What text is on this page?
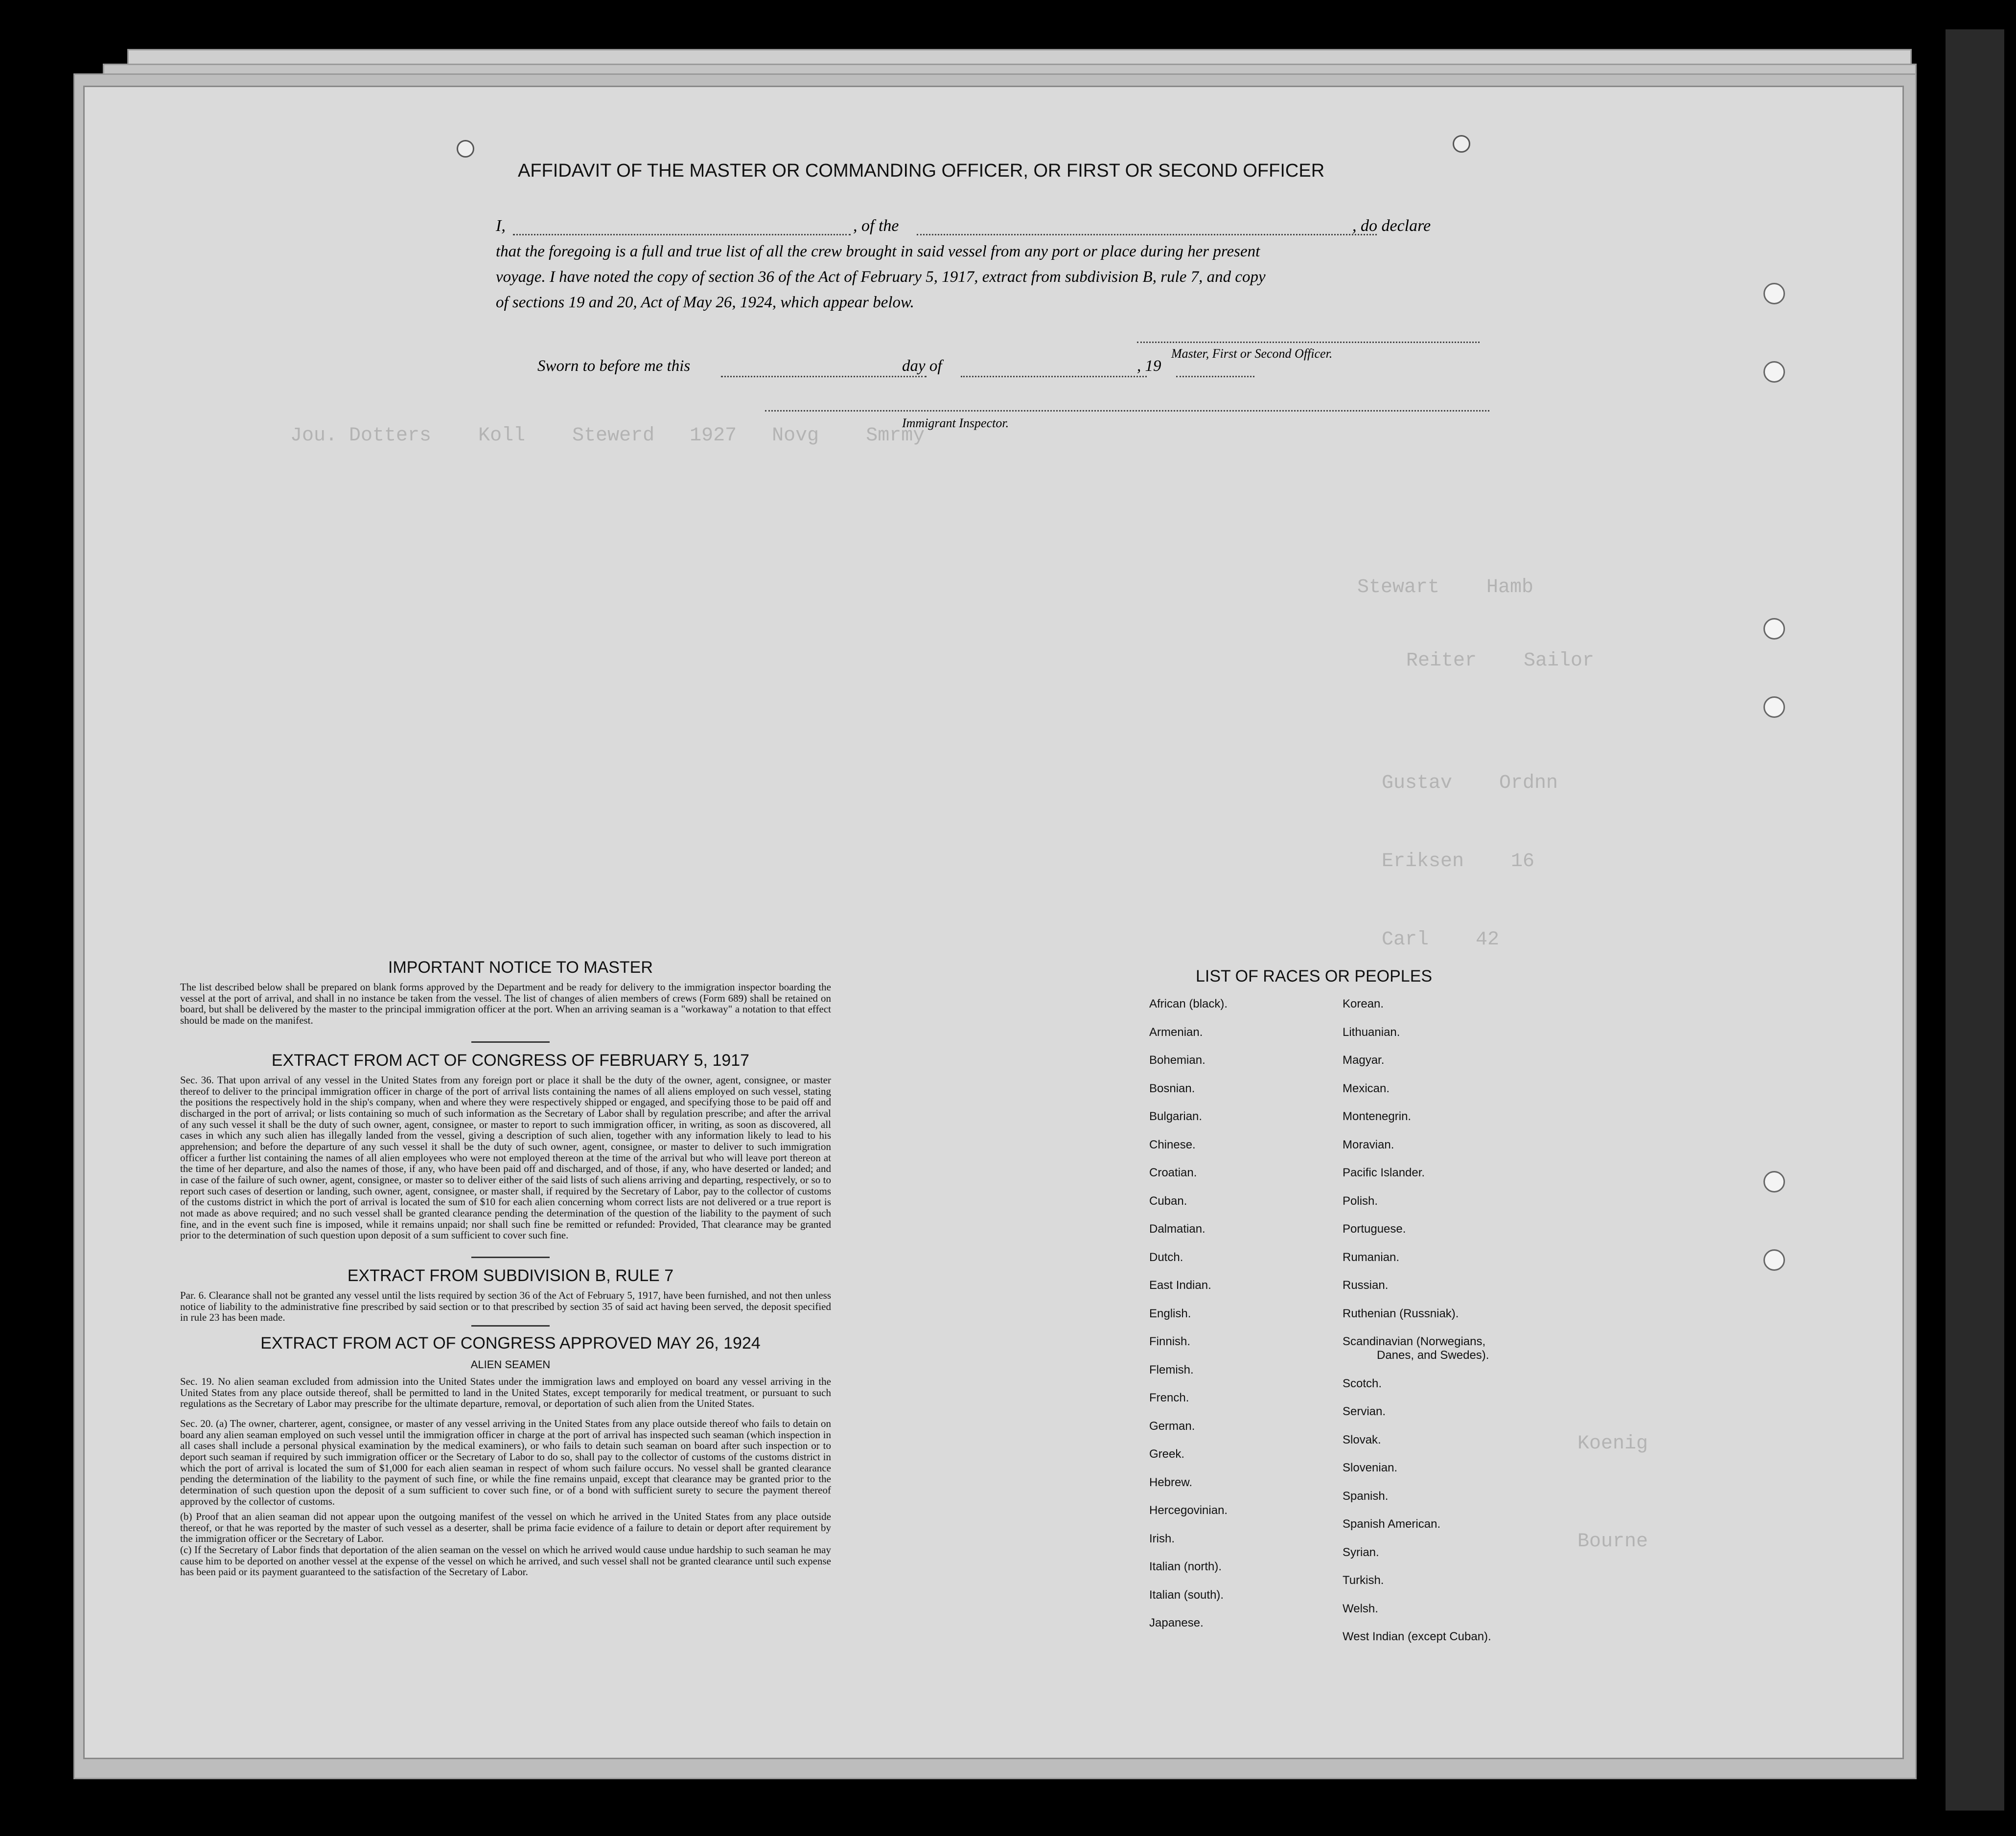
Jou. Dotters    Koll    Stewerd   1927   Novg    Smrmy
Stewart    Hamb
Reiter    Sailor
Gustav    Ordnn
Eriksen    16
Carl    42
Koenig
Bourne
AFFIDAVIT OF THE MASTER OR COMMANDING OFFICER, OR FIRST OR SECOND OFFICER
I,	, of the	, do declare
that the foregoing is a full and true list of all the crew brought in said vessel from any port or place during her present
voyage. I have noted the copy of section 36 of the Act of February 5, 1917, extract from subdivision B, rule 7, and copy
of sections 19 and 20, Act of May 26, 1924, which appear below.
Master, First or Second Officer.
Sworn to before me this	day of	, 19
Immigrant Inspector.
IMPORTANT NOTICE TO MASTER
The list described below shall be prepared on blank forms approved by the Department and be ready for delivery to the immigration inspector boarding the vessel at the port of arrival, and shall in no instance be taken from the vessel. The list of changes of alien members of crews (Form 689) shall be retained on board, but shall be delivered by the master to the principal immigration officer at the port. When an arriving seaman is a "workaway" a notation to that effect should be made on the manifest.
EXTRACT FROM ACT OF CONGRESS OF FEBRUARY 5, 1917
Sec. 36. That upon arrival of any vessel in the United States from any foreign port or place it shall be the duty of the owner, agent, consignee, or master thereof to deliver to the principal immigration officer in charge of the port of arrival lists containing the names of all aliens employed on such vessel, stating the positions the respectively hold in the ship's company, when and where they were respectively shipped or engaged, and specifying those to be paid off and discharged in the port of arrival; or lists containing so much of such information as the Secretary of Labor shall by regulation prescribe; and after the arrival of any such vessel it shall be the duty of such owner, agent, consignee, or master to report to such immigration officer, in writing, as soon as discovered, all cases in which any such alien has illegally landed from the vessel, giving a description of such alien, together with any information likely to lead to his apprehension; and before the departure of any such vessel it shall be the duty of such owner, agent, consignee, or master to deliver to such immigration officer a further list containing the names of all alien employees who were not employed thereon at the time of the arrival but who will leave port thereon at the time of her departure, and also the names of those, if any, who have been paid off and discharged, and of those, if any, who have deserted or landed; and in case of the failure of such owner, agent, consignee, or master so to deliver either of the said lists of such aliens arriving and departing, respectively, or so to report such cases of desertion or landing, such owner, agent, consignee, or master shall, if required by the Secretary of Labor, pay to the collector of customs of the customs district in which the port of arrival is located the sum of $10 for each alien concerning whom correct lists are not delivered or a true report is not made as above required; and no such vessel shall be granted clearance pending the determination of the question of the liability to the payment of such fine, and in the event such fine is imposed, while it remains unpaid; nor shall such fine be remitted or refunded: Provided, That clearance may be granted prior to the determination of such question upon deposit of a sum sufficient to cover such fine.
EXTRACT FROM SUBDIVISION B, RULE 7
Par. 6. Clearance shall not be granted any vessel until the lists required by section 36 of the Act of February 5, 1917, have been furnished, and not then unless notice of liability to the administrative fine prescribed by said section or to that prescribed by section 35 of said act having been served, the deposit specified in rule 23 has been made.
EXTRACT FROM ACT OF CONGRESS APPROVED MAY 26, 1924
ALIEN SEAMEN
Sec. 19. No alien seaman excluded from admission into the United States under the immigration laws and employed on board any vessel arriving in the United States from any place outside thereof, shall be permitted to land in the United States, except temporarily for medical treatment, or pursuant to such regulations as the Secretary of Labor may prescribe for the ultimate departure, removal, or deportation of such alien from the United States.
Sec. 20. (a) The owner, charterer, agent, consignee, or master of any vessel arriving in the United States from any place outside thereof who fails to detain on board any alien seaman employed on such vessel until the immigration officer in charge at the port of arrival has inspected such seaman (which inspection in all cases shall include a personal physical examination by the medical examiners), or who fails to detain such seaman on board after such inspection or to deport such seaman if required by such immigration officer or the Secretary of Labor to do so, shall pay to the collector of customs of the customs district in which the port of arrival is located the sum of $1,000 for each alien seaman in respect of whom such failure occurs. No vessel shall be granted clearance pending the determination of the liability to the payment of such fine, or while the fine remains unpaid, except that clearance may be granted prior to the determination of such question upon the deposit of a sum sufficient to cover such fine, or of a bond with sufficient surety to secure the payment thereof approved by the collector of customs.
(b) Proof that an alien seaman did not appear upon the outgoing manifest of the vessel on which he arrived in the United States from any place outside thereof, or that he was reported by the master of such vessel as a deserter, shall be prima facie evidence of a failure to detain or deport after requirement by the immigration officer or the Secretary of Labor.
(c) If the Secretary of Labor finds that deportation of the alien seaman on the vessel on which he arrived would cause undue hardship to such seaman he may cause him to be deported on another vessel at the expense of the vessel on which he arrived, and such vessel shall not be granted clearance until such expense has been paid or its payment guaranteed to the satisfaction of the Secretary of Labor.
LIST OF RACES OR PEOPLES
African (black).
Armenian.
Bohemian.
Bosnian.
Bulgarian.
Chinese.
Croatian.
Cuban.
Dalmatian.
Dutch.
East Indian.
English.
Finnish.
Flemish.
French.
German.
Greek.
Hebrew.
Hercegovinian.
Irish.
Italian (north).
Italian (south).
Japanese.
Korean.
Lithuanian.
Magyar.
Mexican.
Montenegrin.
Moravian.
Pacific Islander.
Polish.
Portuguese.
Rumanian.
Russian.
Ruthenian (Russniak).
Scandinavian (Norwegians,
Danes, and Swedes).
Scotch.
Servian.
Slovak.
Slovenian.
Spanish.
Spanish American.
Syrian.
Turkish.
Welsh.
West Indian (except Cuban).
